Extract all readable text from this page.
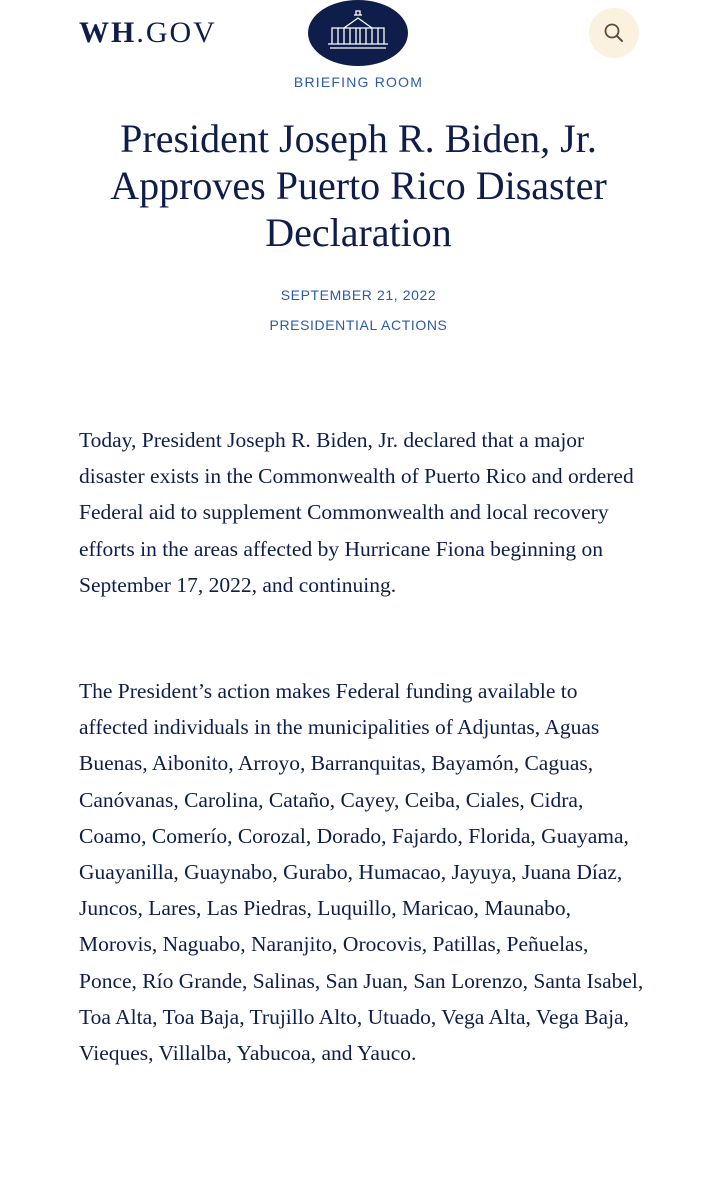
WH.GOV
BRIEFING ROOM
President Joseph R. Biden, Jr. Approves Puerto Rico Disaster Declaration
SEPTEMBER 21, 2022
PRESIDENTIAL ACTIONS

Today, President Joseph R. Biden, Jr. declared that a major disaster exists in the Commonwealth of Puerto Rico and ordered Federal aid to supplement Commonwealth and local recovery efforts in the areas affected by Hurricane Fiona beginning on September 17, 2022, and continuing.

The President’s action makes Federal funding available to affected individuals in the municipalities of Adjuntas, Aguas Buenas, Aibonito, Arroyo, Barranquitas, Bayamón, Caguas, Canóvanas, Carolina, Cataño, Cayey, Ceiba, Ciales, Cidra, Coamo, Comerío, Corozal, Dorado, Fajardo, Florida, Guayama, Guayanilla, Guaynabo, Gurabo, Humacao, Jayuya, Juana Díaz, Juncos, Lares, Las Piedras, Luquillo, Maricao, Maunabo, Morovis, Naguabo, Naranjito, Orocovis, Patillas, Peñuelas, Ponce, Río Grande, Salinas, San Juan, San Lorenzo, Santa Isabel, Toa Alta, Toa Baja, Trujillo Alto, Utuado, Vega Alta, Vega Baja, Vieques, Villalba, Yabucoa, and Yauco.
